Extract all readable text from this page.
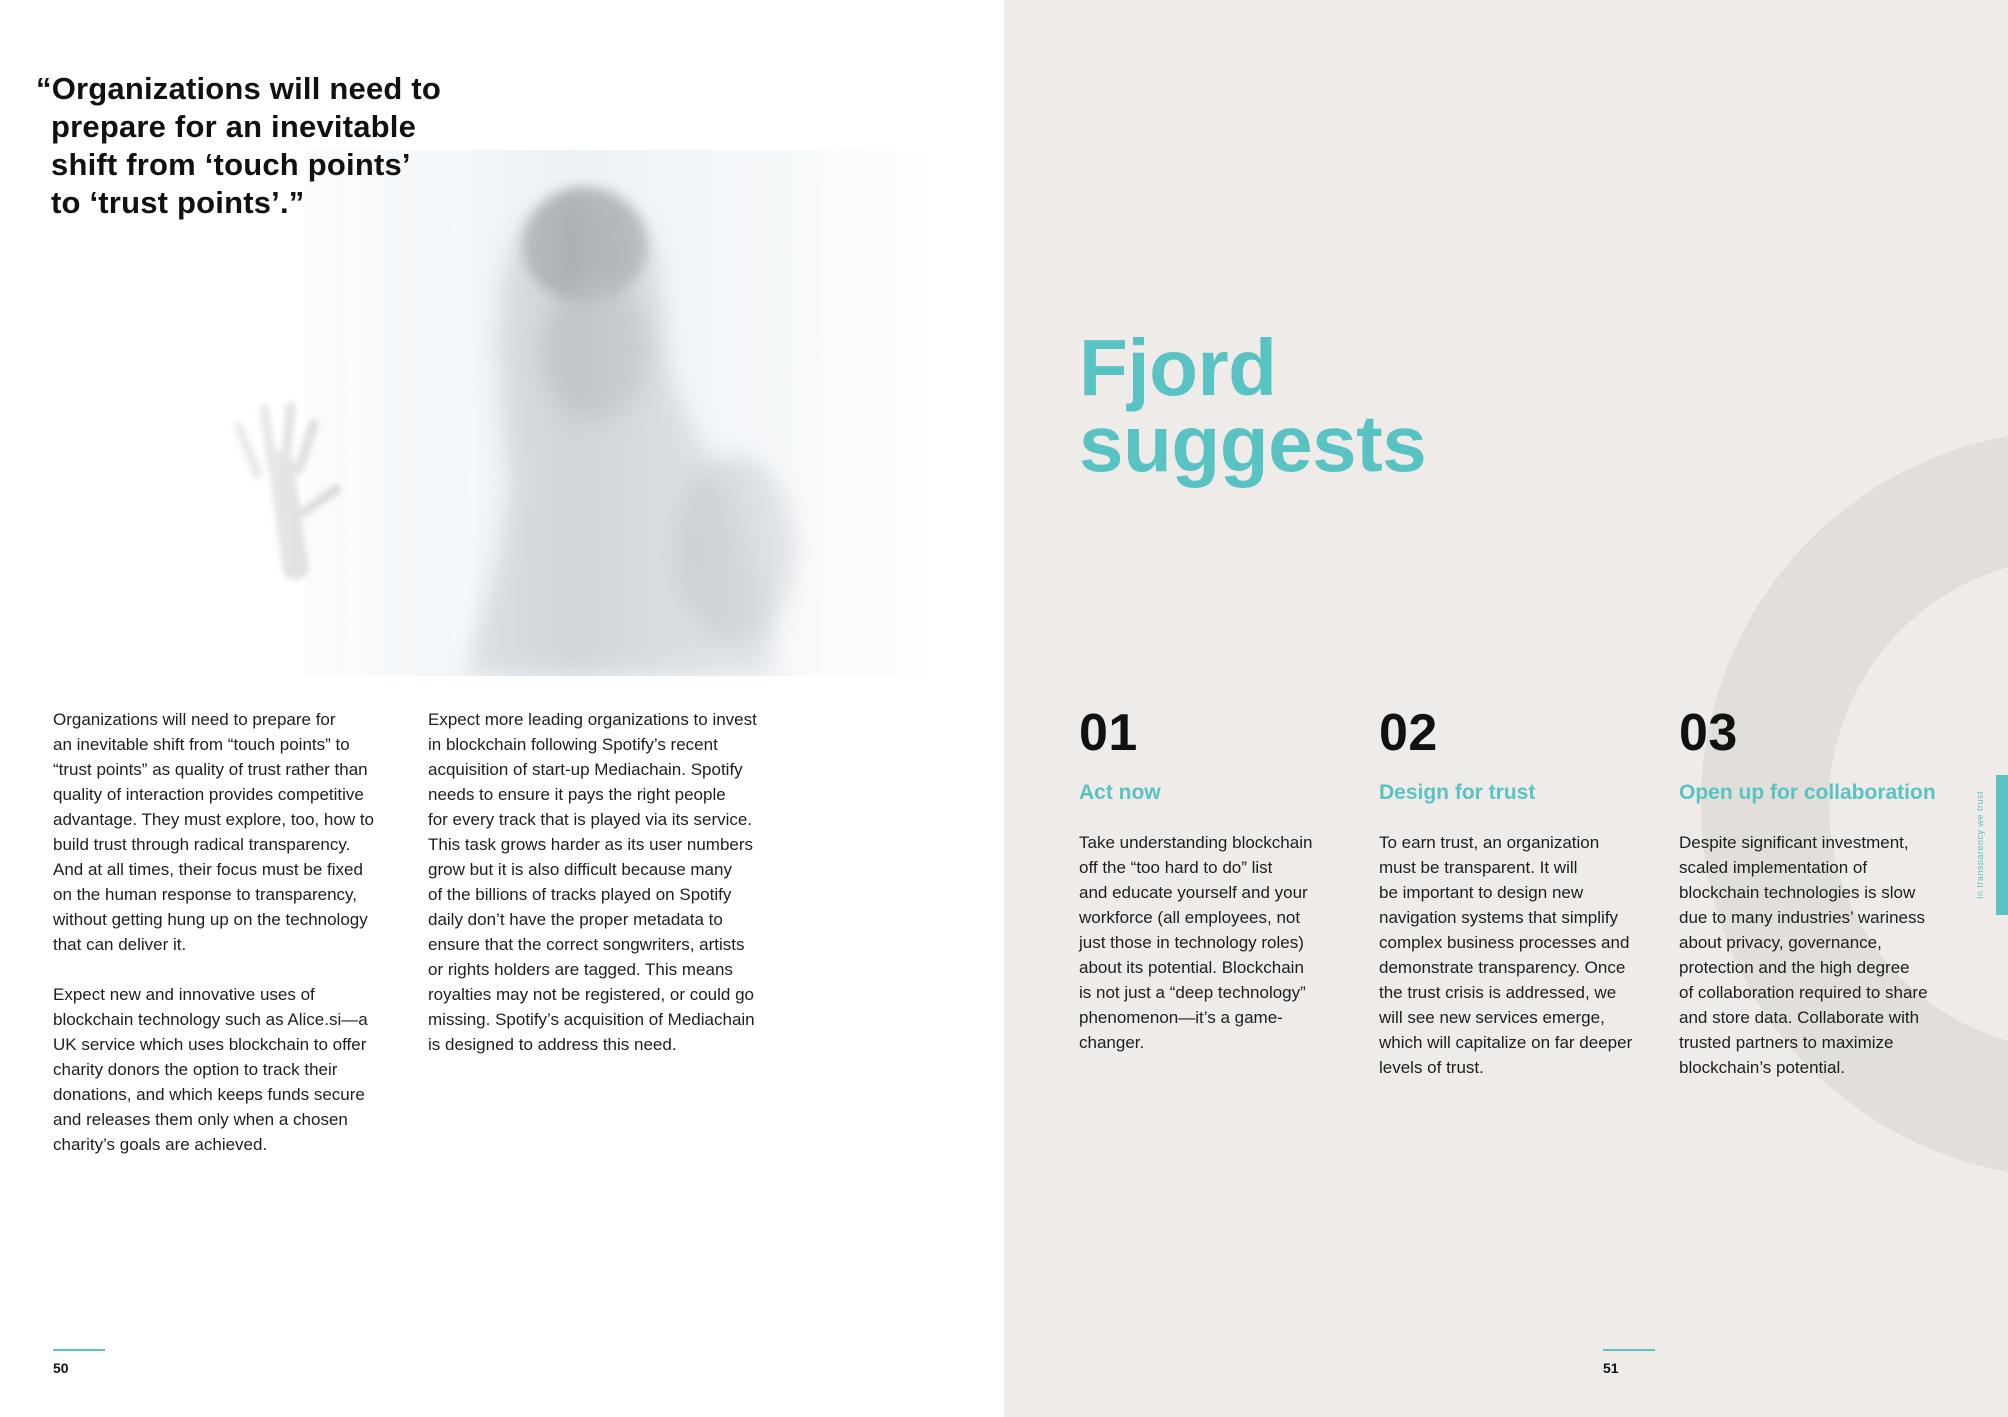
“Organizations will need to
prepare for an inevitable
shift from ‘touch points’
to ‘trust points’.”

Organizations will need to prepare for
an inevitable shift from “touch points” to
“trust points” as quality of trust rather than
quality of interaction provides competitive
advantage. They must explore, too, how to
build trust through radical transparency.
And at all times, their focus must be fixed
on the human response to transparency,
without getting hung up on the technology
that can deliver it.

Expect new and innovative uses of
blockchain technology such as Alice.si—a
UK service which uses blockchain to offer
charity donors the option to track their
donations, and which keeps funds secure
and releases them only when a chosen
charity’s goals are achieved.

Expect more leading organizations to invest
in blockchain following Spotify’s recent
acquisition of start-up Mediachain. Spotify
needs to ensure it pays the right people
for every track that is played via its service.
This task grows harder as its user numbers
grow but it is also difficult because many
of the billions of tracks played on Spotify
daily don’t have the proper metadata to
ensure that the correct songwriters, artists
or rights holders are tagged. This means
royalties may not be registered, or could go
missing. Spotify’s acquisition of Mediachain
is designed to address this need.

50
Fjord
suggests
01
Act now
Take understanding blockchain
off the “too hard to do” list
and educate yourself and your
workforce (all employees, not
just those in technology roles)
about its potential. Blockchain
is not just a “deep technology”
phenomenon—it’s a game-
changer.
02
Design for trust
To earn trust, an organization
must be transparent. It will
be important to design new
navigation systems that simplify
complex business processes and
demonstrate transparency. Once
the trust crisis is addressed, we
will see new services emerge,
which will capitalize on far deeper
levels of trust.
03
Open up for collaboration
Despite significant investment,
scaled implementation of
blockchain technologies is slow
due to many industries’ wariness
about privacy, governance,
protection and the high degree
of collaboration required to share
and store data. Collaborate with
trusted partners to maximize
blockchain’s potential.
In transparency we trust
51
